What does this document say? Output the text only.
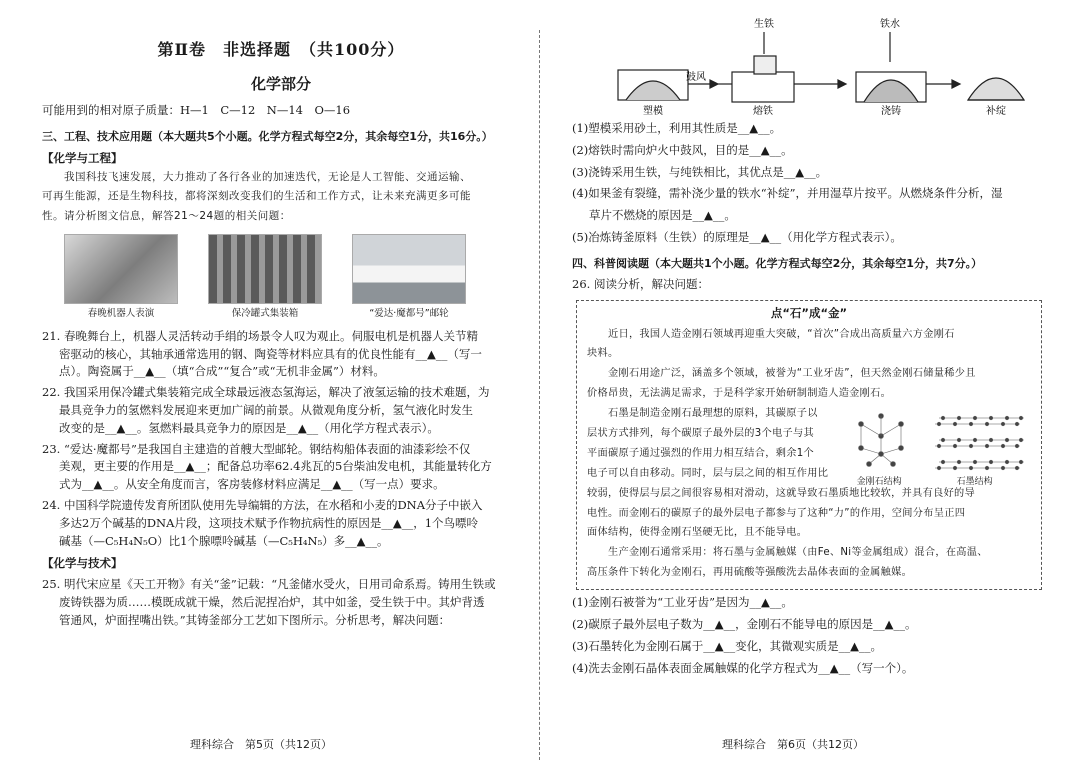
第Ⅱ卷　非选择题　（共100分）
化学部分
可能用到的相对原子质量：H—1　C—12　N—14　O—16
三、工程、技术应用题（本大题共5个小题。化学方程式每空2分，其余每空1分，共16分。）
【化学与工程】
　　我国科技飞速发展，大力推动了各行各业的加速迭代，无论是人工智能、交通运输、
可再生能源，还是生物科技，都将深刻改变我们的生活和工作方式，让未来充满更多可能
性。请分析图文信息，解答21～24题的相关问题：
春晚机器人表演	保冷罐式集装箱	“爱达·魔都号”邮轮
21. 春晚舞台上，机器人灵活转动手绢的场景令人叹为观止。伺服电机是机器人关节精
密驱动的核心，其轴承通常选用的钢、陶瓷等材料应具有的优良性能有__▲__（写一
点）。陶瓷属于__▲__（填“合成”“复合”或“无机非金属”）材料。
22. 我国采用保冷罐式集装箱完成全球最远液态氢海运，解决了液氢运输的技术难题，为
最具竞争力的氢燃料发展迎来更加广阔的前景。从微观角度分析，氢气液化时发生
改变的是__▲__。氢燃料最具竞争力的原因是__▲__（用化学方程式表示）。
23. “爱达·魔都号”是我国自主建造的首艘大型邮轮。钢结构船体表面的油漆彩绘不仅
美观，更主要的作用是__▲__；配备总功率62.4兆瓦的5台柴油发电机，其能量转化方
式为__▲__。从安全角度而言，客房装修材料应满足__▲__（写一点）要求。
24. 中国科学院遗传发育所团队使用先导编辑的方法，在水稻和小麦的DNA分子中嵌入
多达2万个碱基的DNA片段，这项技术赋予作物抗病性的原因是__▲__，1个鸟嘌呤
碱基（—C₅H₄N₅O）比1个腺嘌呤碱基（—C₅H₄N₅）多__▲__。
【化学与技术】
25. 明代宋应星《天工开物》有关“釜”记载：“凡釜储水受火，日用司命系焉。铸用生铁或
废铸铁器为质……模既成就干燥，然后泥捏冶炉，其中如釜，受生铁于中。其炉背透
管通风，炉面捏嘴出铁。”其铸釜部分工艺如下图所示。分析思考，解决问题：
理科综合　第5页（共12页）
生铁	铁水
鼓风
塑模	熔铁	浇铸	补绽
(1)塑模采用砂土，利用其性质是__▲__。
(2)熔铁时需向炉火中鼓风，目的是__▲__。
(3)浇铸采用生铁，与纯铁相比，其优点是__▲__。
(4)如果釜有裂缝，需补浇少量的铁水“补绽”，并用湿草片按平。从燃烧条件分析，湿
草片不燃烧的原因是__▲__。
(5)冶炼铸釜原料（生铁）的原理是__▲__（用化学方程式表示）。
四、科普阅读题（本大题共1个小题。化学方程式每空2分，其余每空1分，共7分。）
26. 阅读分析，解决问题：
点“石”成“金”
　　近日，我国人造金刚石领域再迎重大突破，“首次”合成出高质量六方金刚石
块料。
　　金刚石用途广泛，涵盖多个领域，被誉为“工业牙齿”，但天然金刚石储量稀少且
价格昂贵，无法满足需求，于是科学家开始研制制造人造金刚石。
　　石墨是制造金刚石最理想的原料，其碳原子以
层状方式排列，每个碳原子最外层的3个电子与其
平面碳原子通过强烈的作用力相互结合，剩余1个
电子可以自由移动。同时，层与层之间的相互作用比
金刚石结构	石墨结构
较弱，使得层与层之间很容易相对滑动，这就导致石墨质地比较软，并具有良好的导
电性。而金刚石的碳原子的最外层电子都参与了这种“力”的作用，空间分布呈正四
面体结构，使得金刚石坚硬无比，且不能导电。
　　生产金刚石通常采用：将石墨与金属触媒（由Fe、Ni等金属组成）混合，在高温、
高压条件下转化为金刚石，再用硫酸等强酸洗去晶体表面的金属触媒。
(1)金刚石被誉为“工业牙齿”是因为__▲__。
(2)碳原子最外层电子数为__▲__，金刚石不能导电的原因是__▲__。
(3)石墨转化为金刚石属于__▲__变化，其微观实质是__▲__。
(4)洗去金刚石晶体表面金属触媒的化学方程式为__▲__（写一个）。
理科综合　第6页（共12页）
